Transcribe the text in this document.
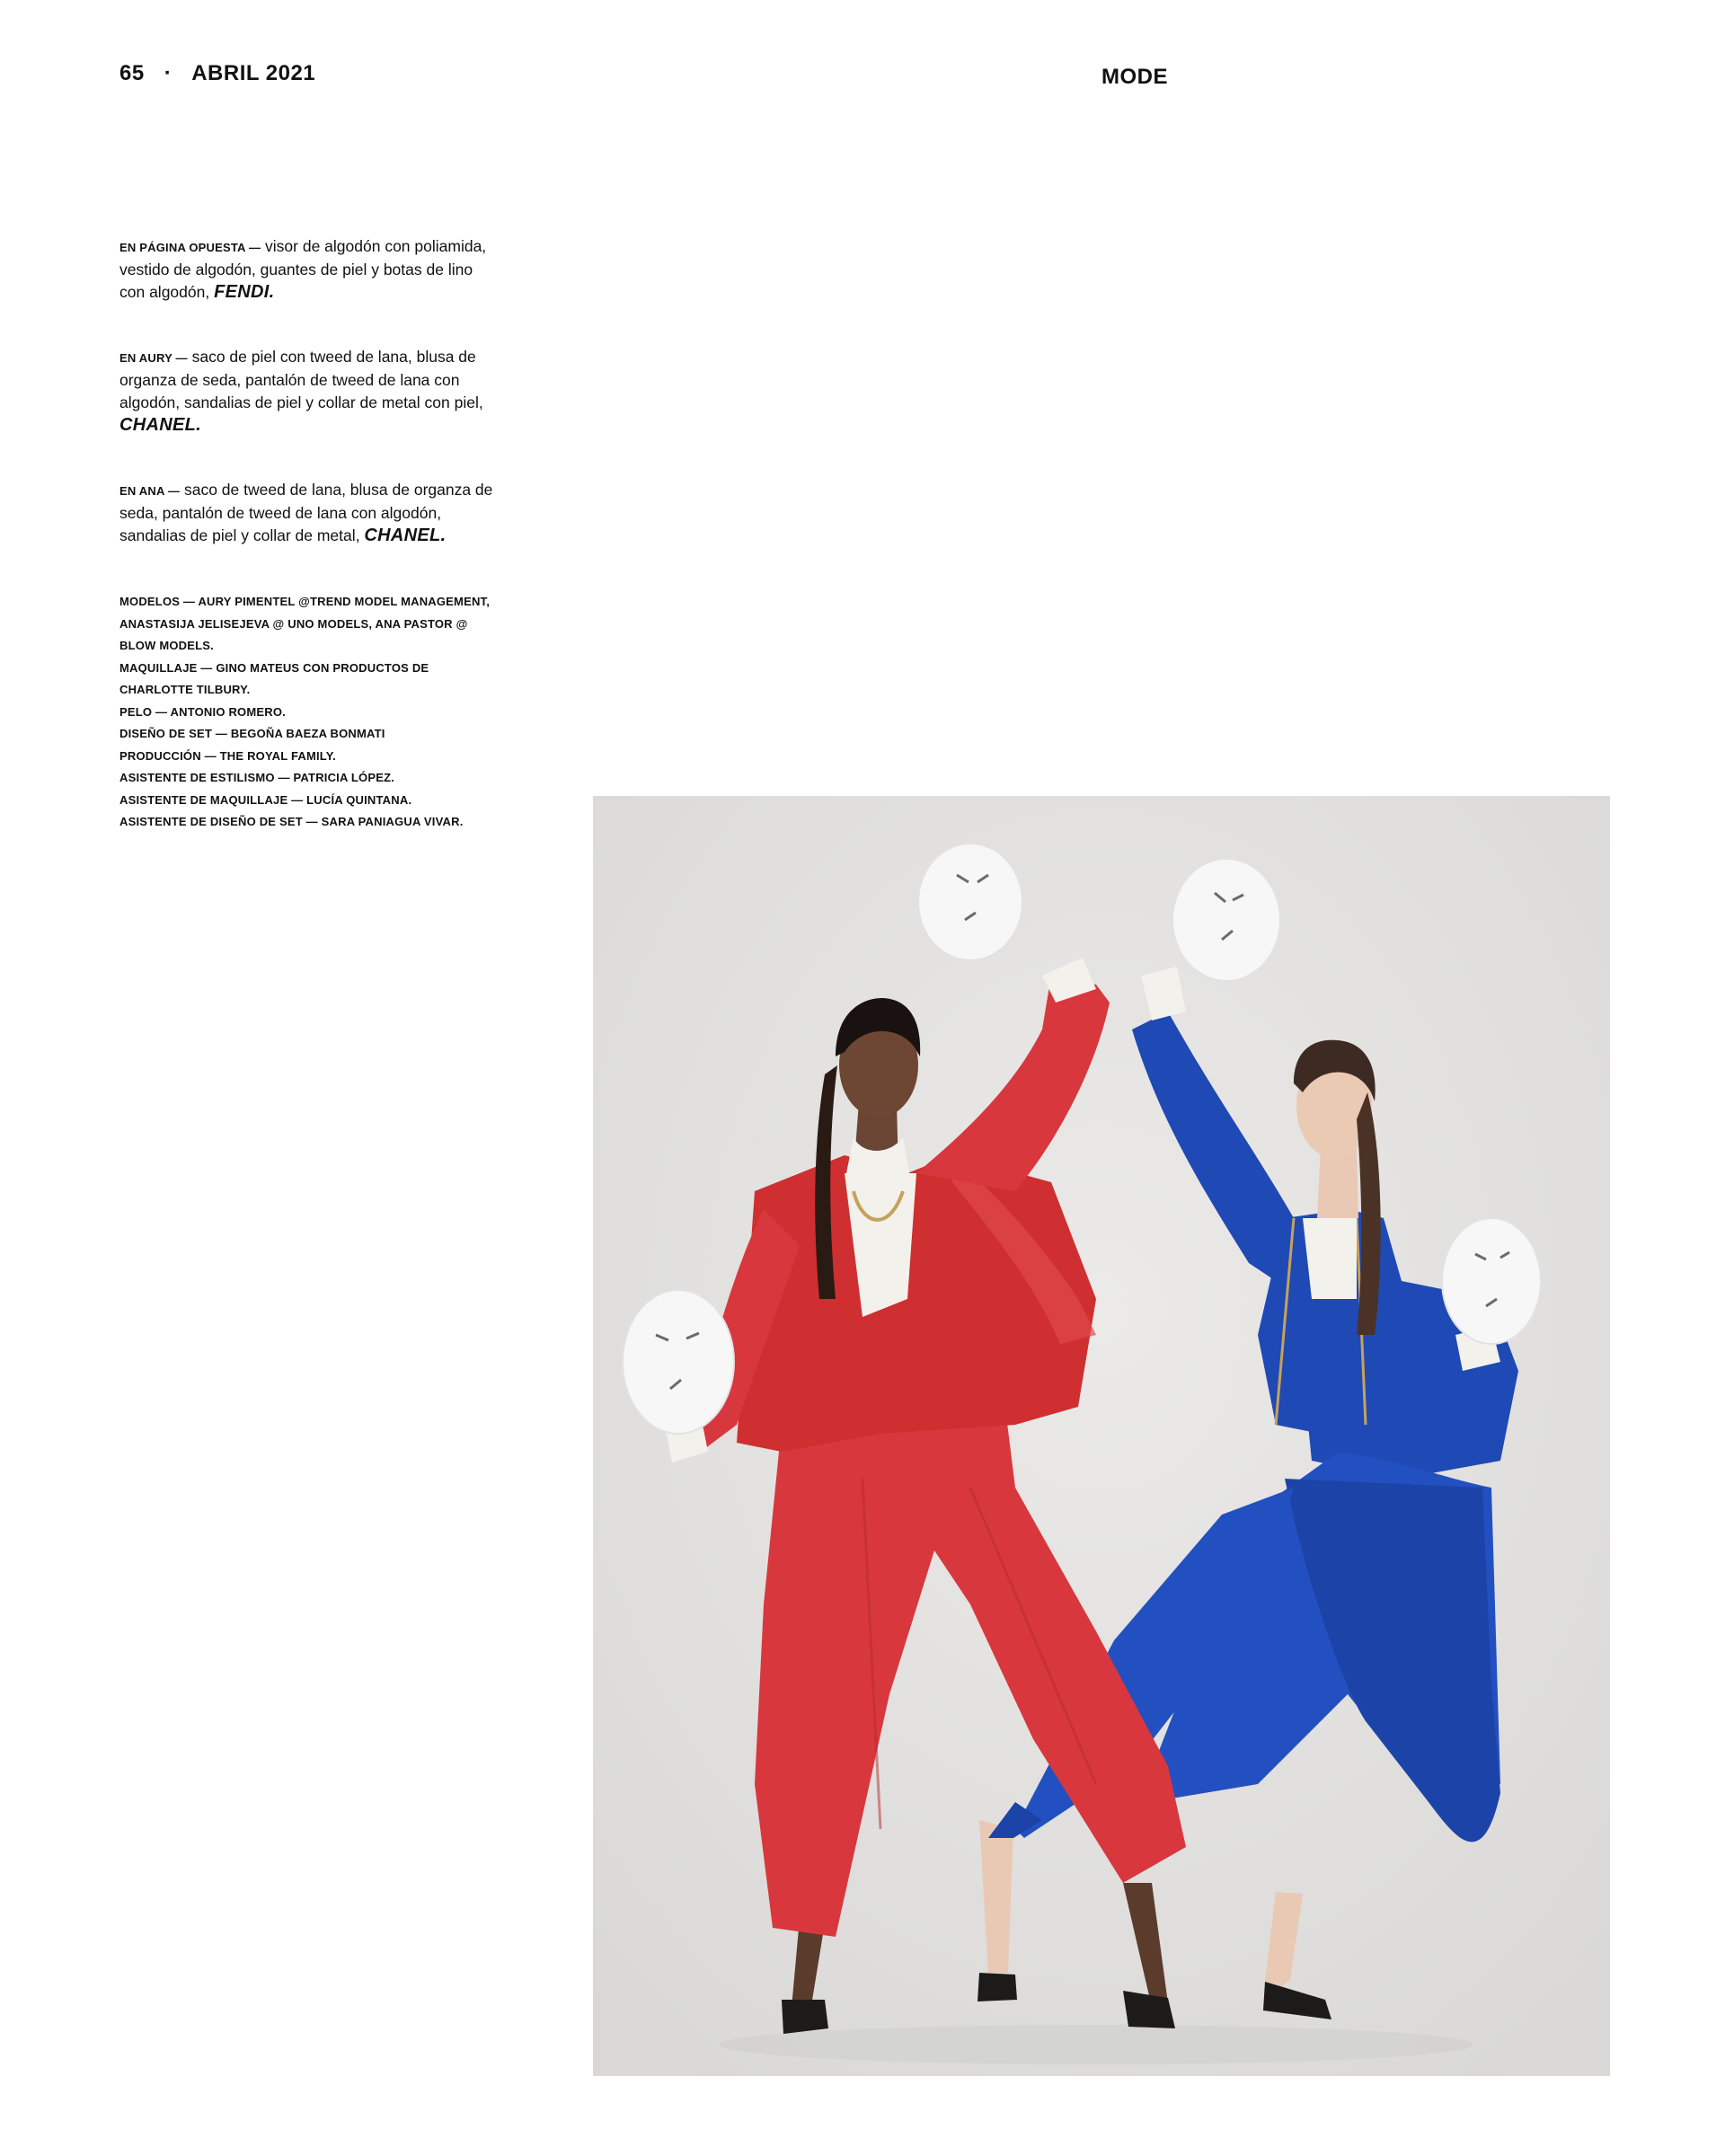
65 · ABRIL 2021	MODE

EN PÁGINA OPUESTA — visor de algodón con poliamida, vestido de algodón, guantes de piel y botas de lino con algodón, FENDI.

EN AURY — saco de piel con tweed de lana, blusa de organza de seda, pantalón de tweed de lana con algodón, sandalias de piel y collar de metal con piel, CHANEL.

EN ANA — saco de tweed de lana, blusa de organza de seda, pantalón de tweed de lana con algodón, sandalias de piel y collar de metal, CHANEL.

MODELOS — AURY PIMENTEL @TREND MODEL MANAGEMENT, ANASTASIJA JELISEJEVA @ UNO MODELS, ANA PASTOR @ BLOW MODELS.

MAQUILLAJE — GINO MATEUS CON PRODUCTOS DE CHARLOTTE TILBURY.

PELO — ANTONIO ROMERO.

DISEÑO DE SET — BEGOÑA BAEZA BONMATI

PRODUCCIÓN — THE ROYAL FAMILY.

ASISTENTE DE ESTILISMO — PATRICIA LÓPEZ.

ASISTENTE DE MAQUILLAJE — LUCÍA QUINTANA.

ASISTENTE DE DISEÑO DE SET — SARA PANIAGUA VIVAR.
